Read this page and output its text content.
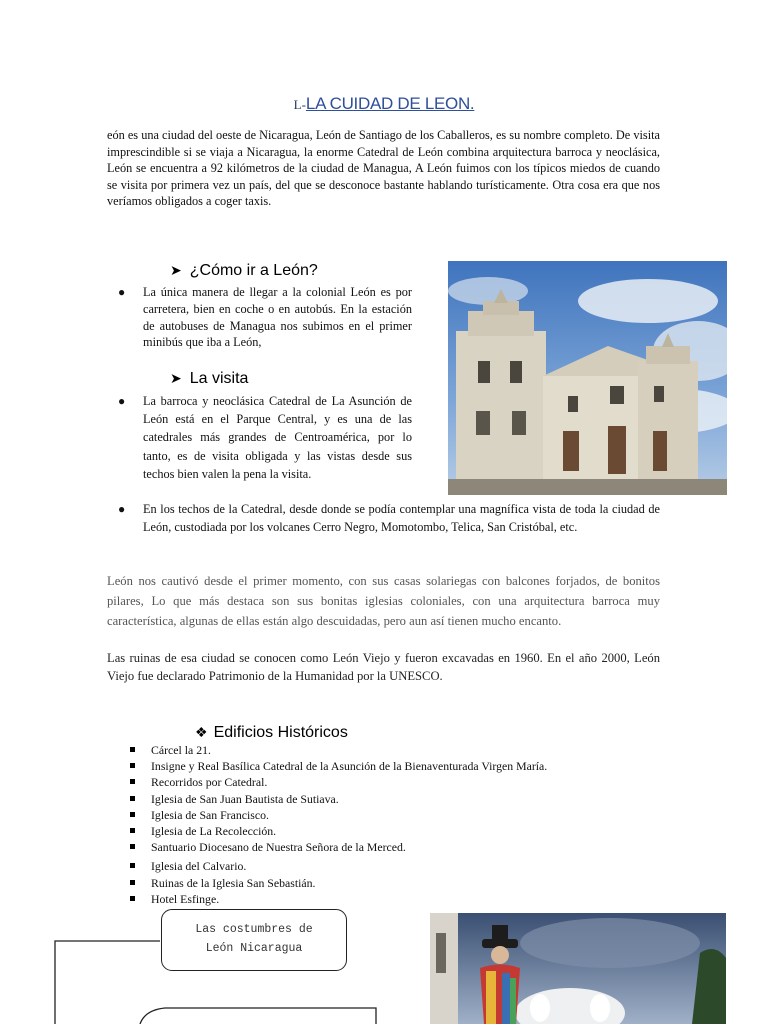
L-LA CUIDAD DE LEON.
eón es una ciudad del oeste de Nicaragua, León de Santiago de los Caballeros, es su nombre completo. De visita imprescindible si se viaja a Nicaragua, la enorme Catedral de León combina arquitectura barroca y neoclásica, León se encuentra a 92 kilómetros de la ciudad de Managua, A León fuimos con los típicos miedos de cuando se visita por primera vez un país, del que se desconoce bastante hablando turísticamente. Otra cosa era que nos veríamos obligados a coger taxis.
➤ ¿Cómo ir a León?
● La única manera de llegar a la colonial León es por carretera, bien en coche o en autobús. En la estación de autobuses de Managua nos subimos en el primer minibús que iba a León,
➤ La visita
● La barroca y neoclásica Catedral de La Asunción de León está en el Parque Central, y es una de las catedrales más grandes de Centroamérica, por lo tanto, es de visita obligada y las vistas desde sus techos bien valen la pena la visita.
● En los techos de la Catedral, desde donde se podía contemplar una magnífica vista de toda la ciudad de León, custodiada por los volcanes Cerro Negro, Momotombo, Telica, San Cristóbal, etc.
León nos cautivó desde el primer momento, con sus casas solariegas con balcones forjados, de bonitos pilares, Lo que más destaca son sus bonitas iglesias coloniales, con una arquitectura barroca muy característica, algunas de ellas están algo descuidadas, pero aun así tienen mucho encanto.
Las ruinas de esa ciudad se conocen como León Viejo y fueron excavadas en 1960. En el año 2000, León Viejo fue declarado Patrimonio de la Humanidad por la UNESCO.
❖ Edificios Históricos
Cárcel la 21.
Insigne y Real Basílica Catedral de la Asunción de la Bienaventurada Virgen María.
Recorridos por Catedral.
Iglesia de San Juan Bautista de Sutiava.
Iglesia de San Francisco.
Iglesia de La Recolección.
Santuario Diocesano de Nuestra Señora de la Merced.
Iglesia del Calvario.
Ruinas de la Iglesia San Sebastián.
Hotel Esfinge.
Las costumbres de
León Nicaragua
